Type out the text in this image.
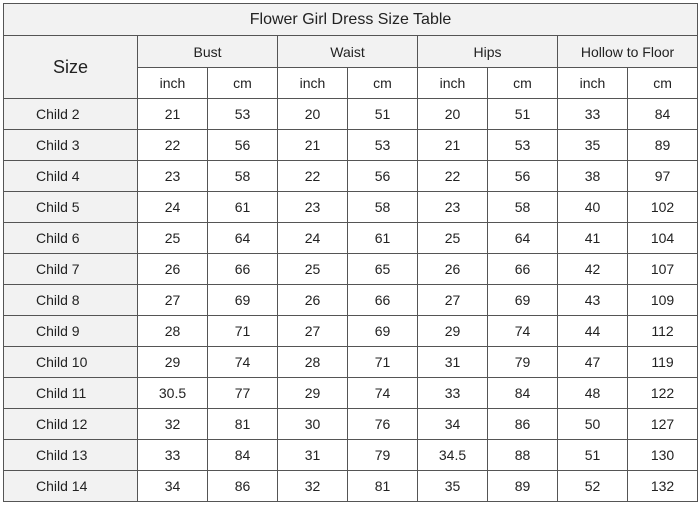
Flower Girl Dress Size Table								
Size	Bust		Waist		Hips		Hollow to Floor	
	inch	cm	inch	cm	inch	cm	inch	cm
Child 2	21	53	20	51	20	51	33	84
Child 3	22	56	21	53	21	53	35	89
Child 4	23	58	22	56	22	56	38	97
Child 5	24	61	23	58	23	58	40	102
Child 6	25	64	24	61	25	64	41	104
Child 7	26	66	25	65	26	66	42	107
Child 8	27	69	26	66	27	69	43	109
Child 9	28	71	27	69	29	74	44	112
Child 10	29	74	28	71	31	79	47	119
Child 11	30.5	77	29	74	33	84	48	122
Child 12	32	81	30	76	34	86	50	127
Child 13	33	84	31	79	34.5	88	51	130
Child 14	34	86	32	81	35	89	52	132
